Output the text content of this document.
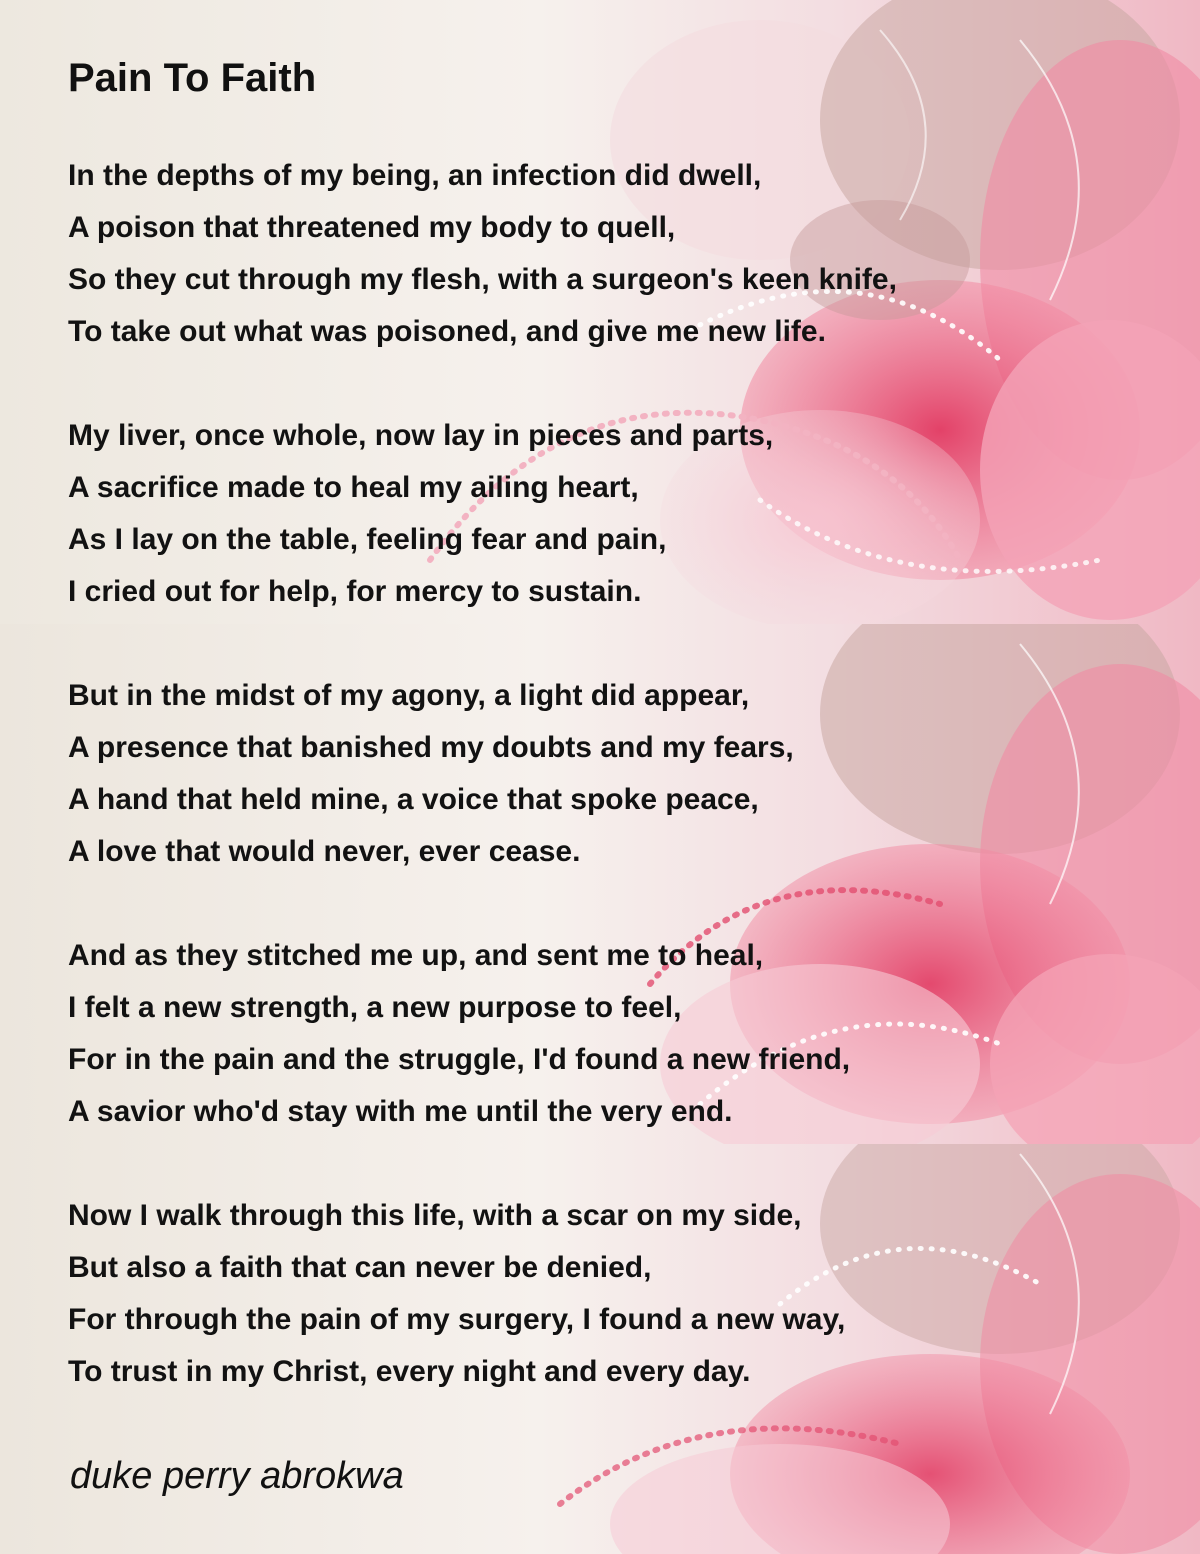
Pain To Faith
In the depths of my being, an infection did dwell,
A poison that threatened my body to quell,
So they cut through my flesh, with a surgeon's keen knife,
To take out what was poisoned, and give me new life.
My liver, once whole, now lay in pieces and parts,
A sacrifice made to heal my ailing heart,
As I lay on the table, feeling fear and pain,
I cried out for help, for mercy to sustain.
But in the midst of my agony, a light did appear,
A presence that banished my doubts and my fears,
A hand that held mine, a voice that spoke peace,
A love that would never, ever cease.
And as they stitched me up, and sent me to heal,
I felt a new strength, a new purpose to feel,
For in the pain and the struggle, I'd found a new friend,
A savior who'd stay with me until the very end.
Now I walk through this life, with a scar on my side,
But also a faith that can never be denied,
For through the pain of my surgery, I found a new way,
To trust in my Christ, every night and every day.
duke perry abrokwa
